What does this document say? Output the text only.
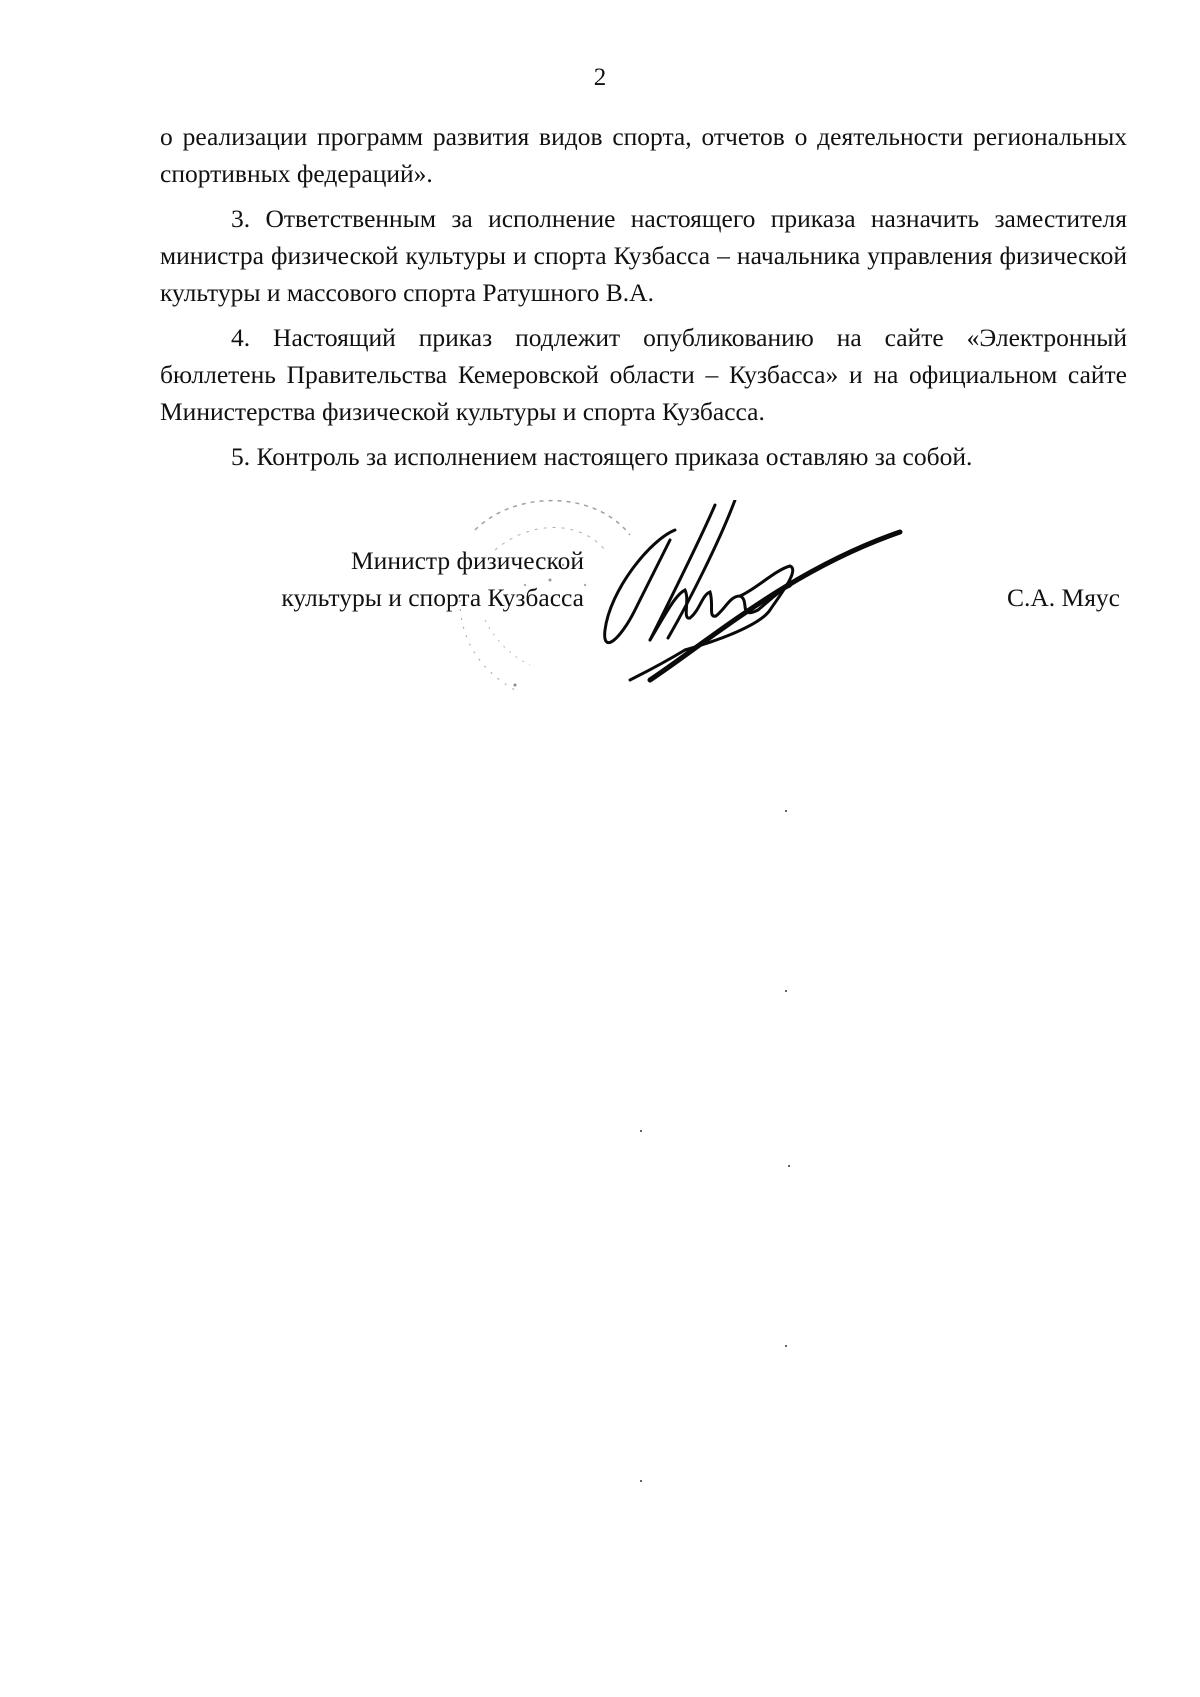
2

о реализации программ развития видов спорта, отчетов о деятельности региональных спортивных федераций».

3. Ответственным за исполнение настоящего приказа назначить заместителя министра физической культуры и спорта Кузбасса – начальника управления физической культуры и массового спорта Ратушного В.А.

4. Настоящий приказ подлежит опубликованию на сайте «Электронный бюллетень Правительства Кемеровской области – Кузбасса» и на официальном сайте Министерства физической культуры и спорта Кузбасса.

5. Контроль за исполнением настоящего приказа оставляю за собой.

Министр физической
культуры и спорта Кузбасса	С.А. Мяус
